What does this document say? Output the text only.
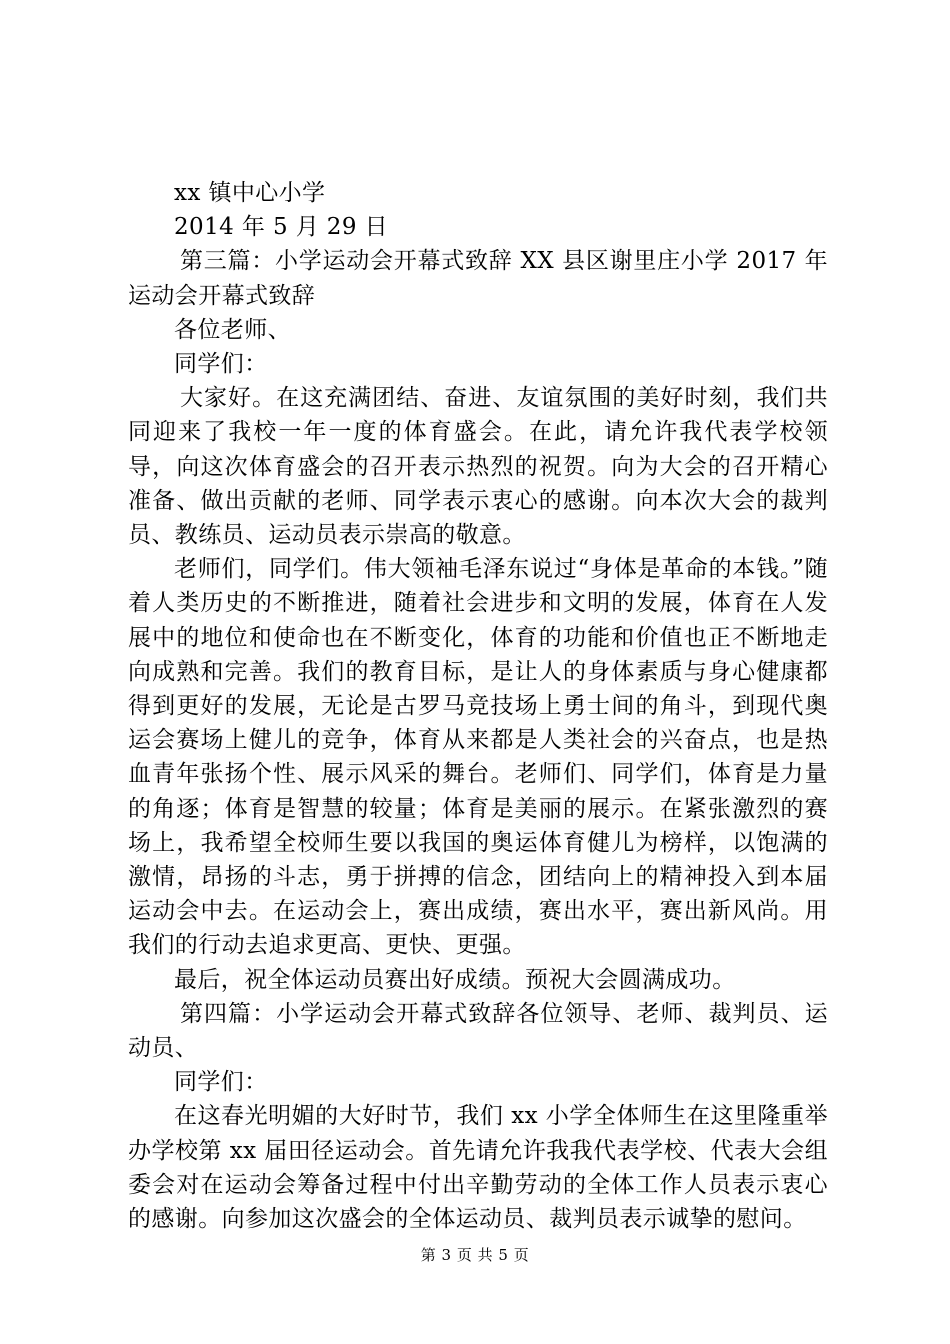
xx 镇中心小学

2014 年 5 月 29 日

第三篇：小学运动会开幕式致辞 XX 县区谢里庄小学 2017 年运动会开幕式致辞

各位老师、

同学们：

大家好。在这充满团结、奋进、友谊氛围的美好时刻，我们共同迎来了我校一年一度的体育盛会。在此，请允许我代表学校领导，向这次体育盛会的召开表示热烈的祝贺。向为大会的召开精心准备、做出贡献的老师、同学表示衷心的感谢。向本次大会的裁判员、教练员、运动员表示崇高的敬意。

老师们，同学们。伟大领袖毛泽东说过“身体是革命的本钱。”随着人类历史的不断推进，随着社会进步和文明的发展，体育在人发展中的地位和使命也在不断变化，体育的功能和价值也正不断地走向成熟和完善。我们的教育目标，是让人的身体素质与身心健康都得到更好的发展，无论是古罗马竞技场上勇士间的角斗，到现代奥运会赛场上健儿的竞争，体育从来都是人类社会的兴奋点，也是热血青年张扬个性、展示风采的舞台。老师们、同学们，体育是力量的角逐；体育是智慧的较量；体育是美丽的展示。在紧张激烈的赛场上，我希望全校师生要以我国的奥运体育健儿为榜样，以饱满的激情，昂扬的斗志，勇于拼搏的信念，团结向上的精神投入到本届运动会中去。在运动会上，赛出成绩，赛出水平，赛出新风尚。用我们的行动去追求更高、更快、更强。

最后，祝全体运动员赛出好成绩。预祝大会圆满成功。

第四篇：小学运动会开幕式致辞各位领导、老师、裁判员、运动员、

同学们：

在这春光明媚的大好时节，我们 xx 小学全体师生在这里隆重举办学校第 xx 届田径运动会。首先请允许我我代表学校、代表大会组委会对在运动会筹备过程中付出辛勤劳动的全体工作人员表示衷心的感谢。向参加这次盛会的全体运动员、裁判员表示诚挚的慰问。

第 3 页 共 5 页
